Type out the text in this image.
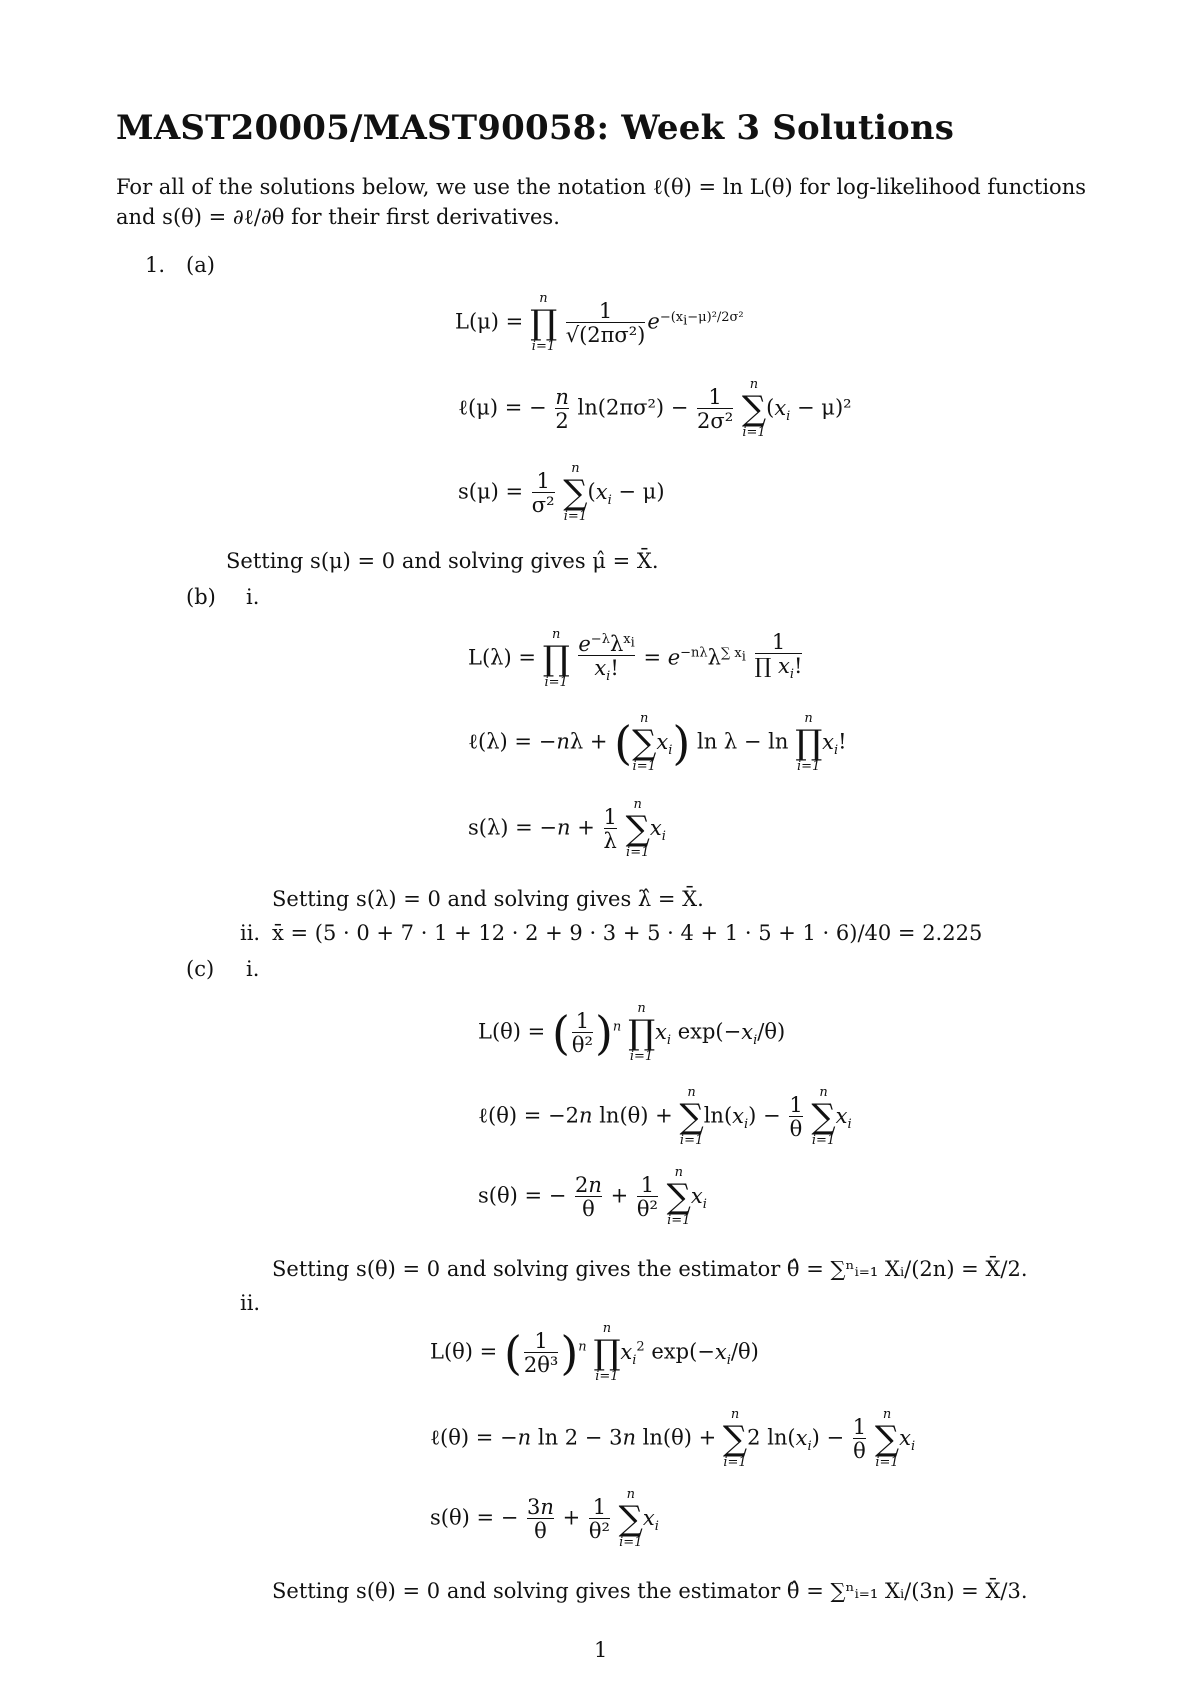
MAST20005/MAST90058: Week 3 Solutions
For all of the solutions below, we use the notation ℓ(θ) = ln L(θ) for log-likelihood functions
and s(θ) = ∂ℓ/∂θ for their first derivatives.
1. (a)
L(μ) =
n
∏
i=1

$\frac{1}{\text{√(2πσ²)}} e^{-(x_i-\mu)^2/2\sigma^2}$
ℓ(μ) = − $\frac{n}{2} \ln(2\pi\sigma^2) - \frac{1}{\text{2σ²}}$

n
∑
i=1
$(x_i - \mu)^2$
$s(\mu) = \frac{1}{\text{σ²}}$

n
∑
i=1
$(x_i - \mu)$
Setting s(μ) = 0 and solving gives μ̂ = X̄.
(b) i.
L(λ) =
n
∏
i=1
$\frac{e^{-\lambda}\lambda^{x_i}}{x_i!} = e^{-n\lambda}\lambda^{\sum x_i} \frac{1}{\prod x_i!}$
ℓ(λ) = −nλ + ( n
∑
i=1
$x_i$) ln λ − ln
n
∏
i=1
$x_i$!
$s(\lambda) = -n + \frac{1}{\lambda}$

n
∑
i=1
$x_i$
Setting s(λ) = 0 and solving gives λ̂ = X̄.
ii. x̄ = (5 · 0 + 7 · 1 + 12 · 2 + 9 · 3 + 5 · 4 + 1 · 5 + 1 · 6)/40 = 2.225
(c) i.
L(θ) = ( $\frac{1}{\text{θ²}} )^n$
n
∏
i=1
$x_i$ $\exp(-x_i/\theta)$
ℓ(θ) = −2n ln(θ) +
n
∑
i=1
$\ln(x_i) - \frac{1}{\theta}$

n
∑
i=1
$x_i$
s(θ) = − $\frac{2n}{\theta} + \frac{1}{\text{θ²}}$

n
∑
i=1
$x_i$
Setting s(θ) = 0 and solving gives the estimator θ̂ = ∑ⁿᵢ₌₁ Xᵢ/(2n) = X̄/2.
ii.
L(θ) = ( $\frac{1}{\text{2θ³}} )^n$
n
∏
i=1
$x_i^2$ $\exp(-x_i/\theta)$
ℓ(θ) = −n ln 2 − 3n ln(θ) +
n
∑
i=1
2 $\ln(x_i) - \frac{1}{\theta}$

n
∑
i=1
$x_i$
s(θ) = − $\frac{3n}{\theta} + \frac{1}{\text{θ²}}$

n
∑
i=1
$x_i$
Setting s(θ) = 0 and solving gives the estimator θ̂ = ∑ⁿᵢ₌₁ Xᵢ/(3n) = X̄/3.
1
